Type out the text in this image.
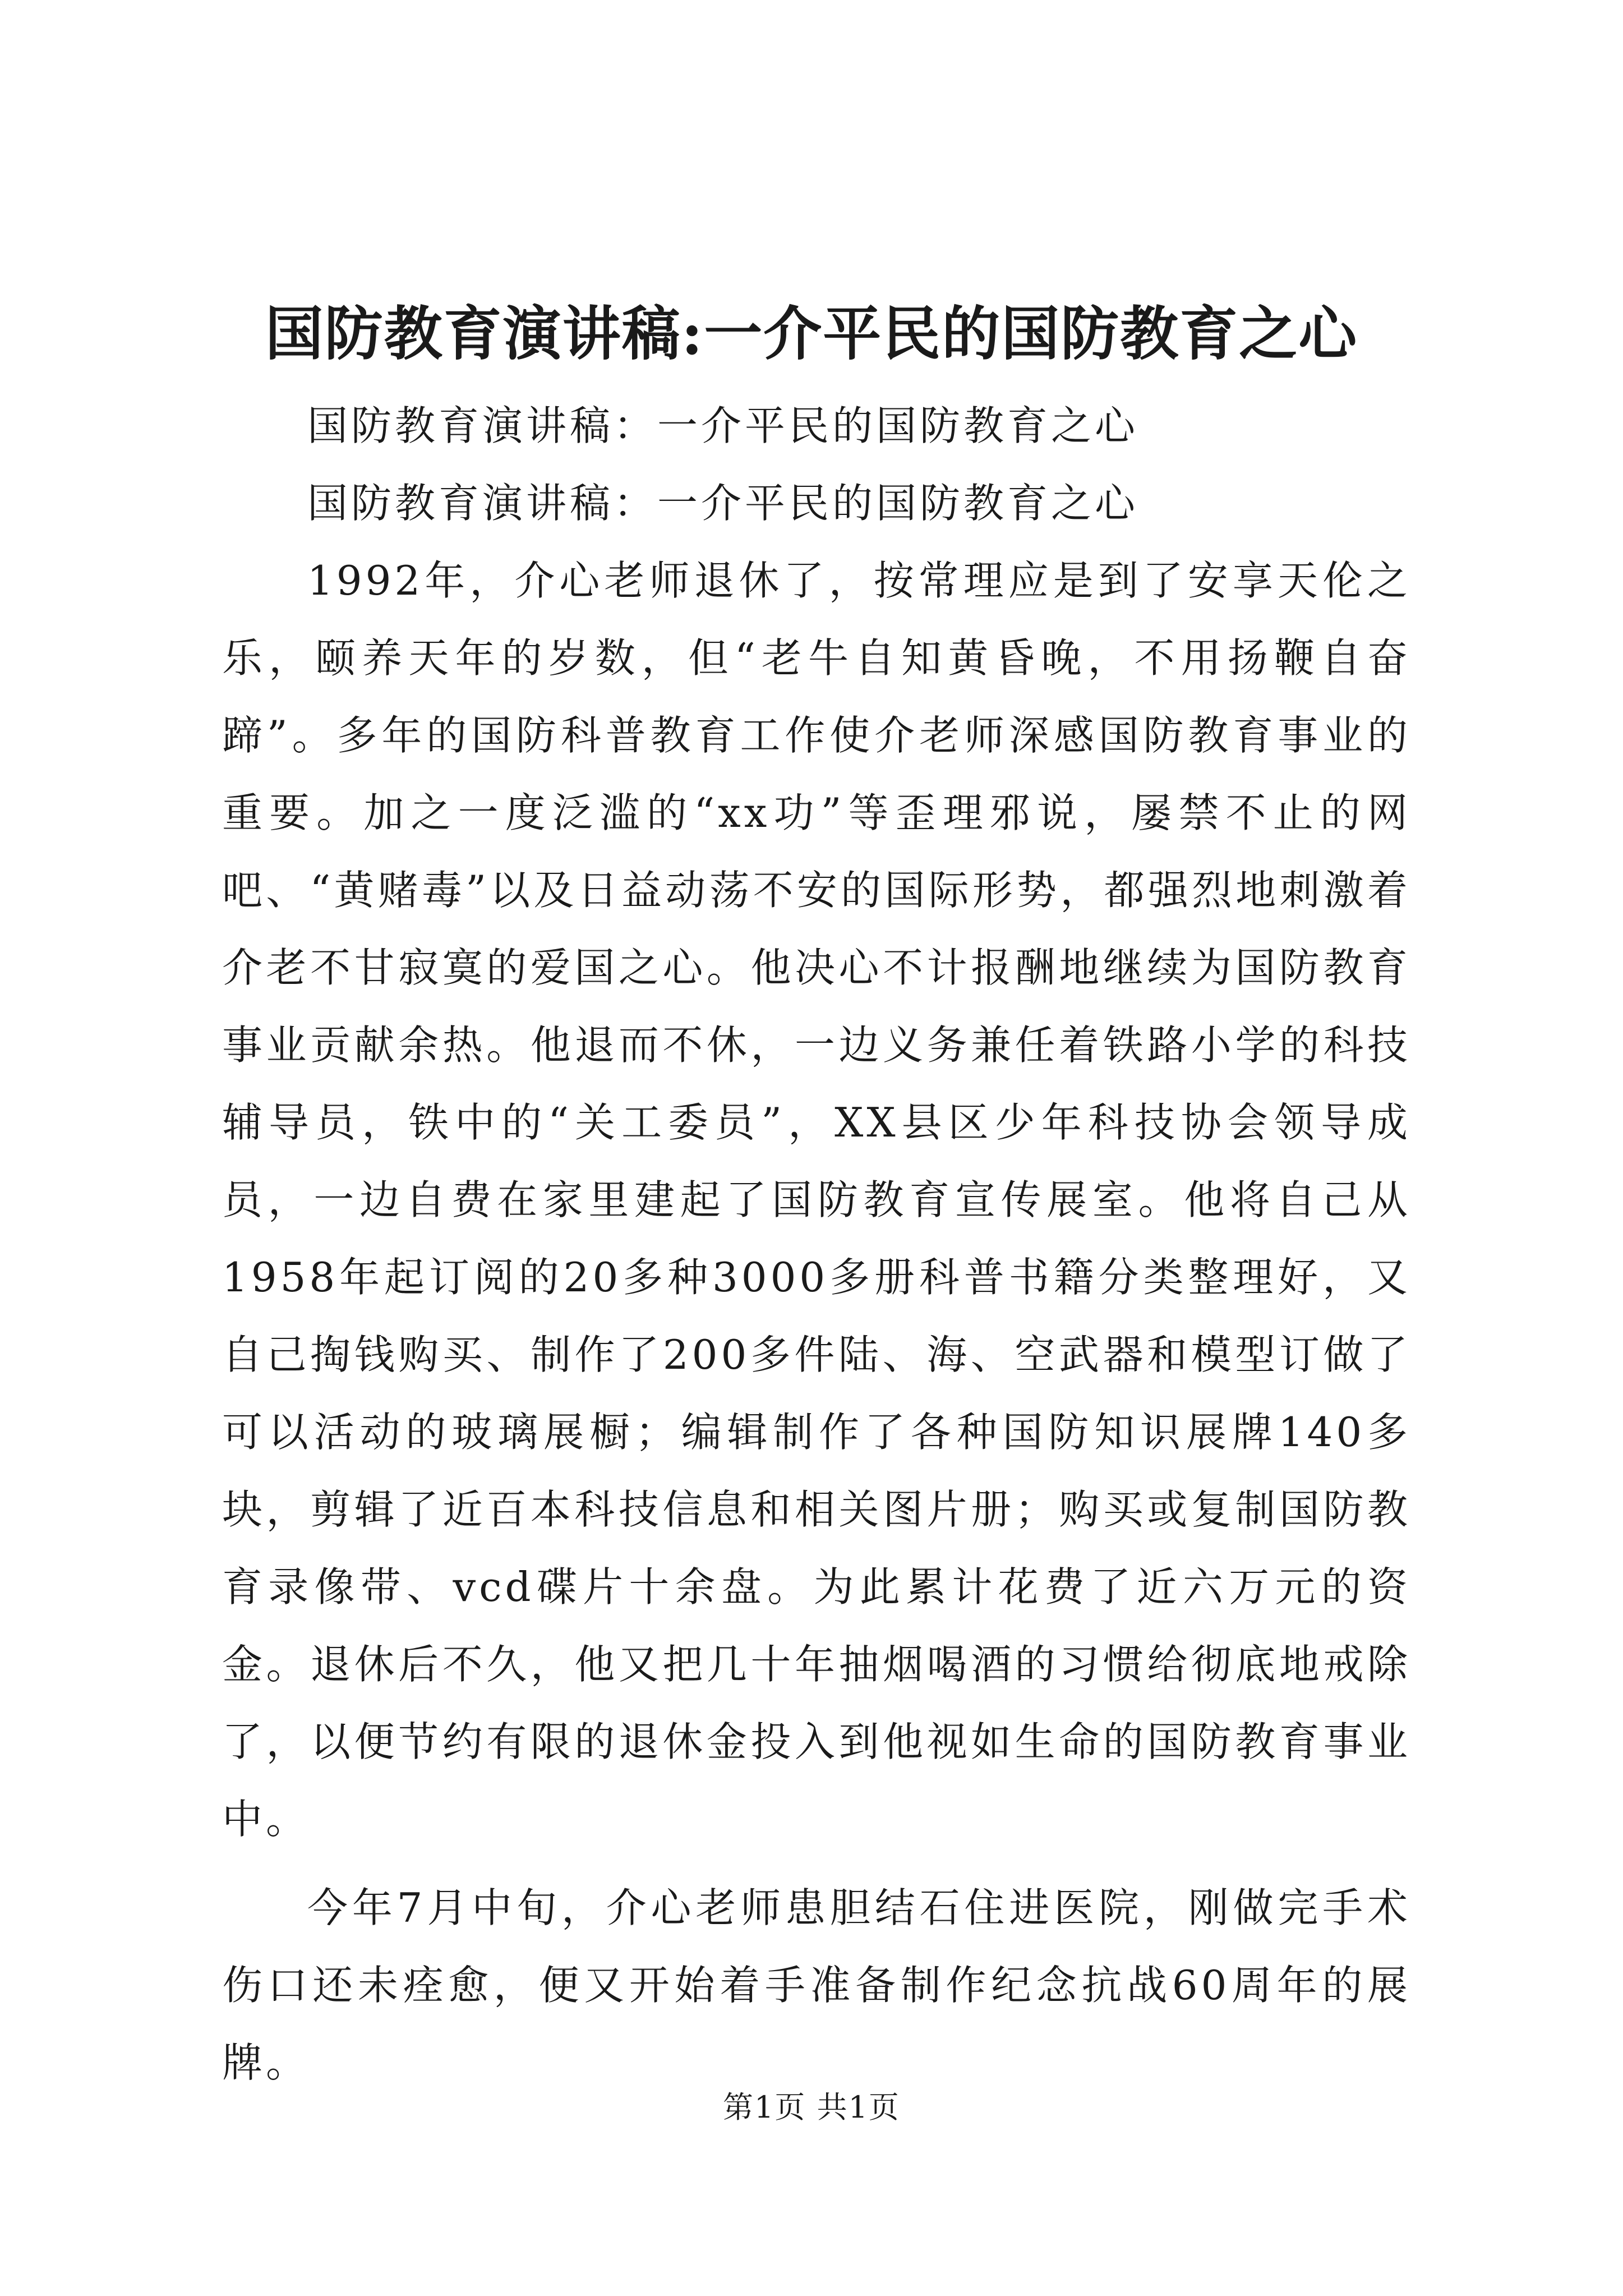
国防教育演讲稿:一介平民的国防教育之心

国防教育演讲稿：一介平民的国防教育之心

国防教育演讲稿：一介平民的国防教育之心

1992年，介心老师退休了，按常理应是到了安享天伦之乐，颐养天年的岁数，但“老牛自知黄昏晚，不用扬鞭自奋蹄”。多年的国防科普教育工作使介老师深感国防教育事业的重要。加之一度泛滥的“xx功”等歪理邪说，屡禁不止的网吧、“黄赌毒”以及日益动荡不安的国际形势，都强烈地刺激着介老不甘寂寞的爱国之心。他决心不计报酬地继续为国防教育事业贡献余热。他退而不休，一边义务兼任着铁路小学的科技辅导员，铁中的“关工委员”，XX县区少年科技协会领导成员，一边自费在家里建起了国防教育宣传展室。他将自己从1958年起订阅的20多种3000多册科普书籍分类整理好，又自己掏钱购买、制作了200多件陆、海、空武器和模型订做了可以活动的玻璃展橱；编辑制作了各种国防知识展牌140多块，剪辑了近百本科技信息和相关图片册；购买或复制国防教育录像带、vcd碟片十余盘。为此累计花费了近六万元的资金。退休后不久，他又把几十年抽烟喝酒的习惯给彻底地戒除了，以便节约有限的退休金投入到他视如生命的国防教育事业中。

今年7月中旬，介心老师患胆结石住进医院，刚做完手术伤口还未痊愈，便又开始着手准备制作纪念抗战60周年的展牌。

第1页 共1页
